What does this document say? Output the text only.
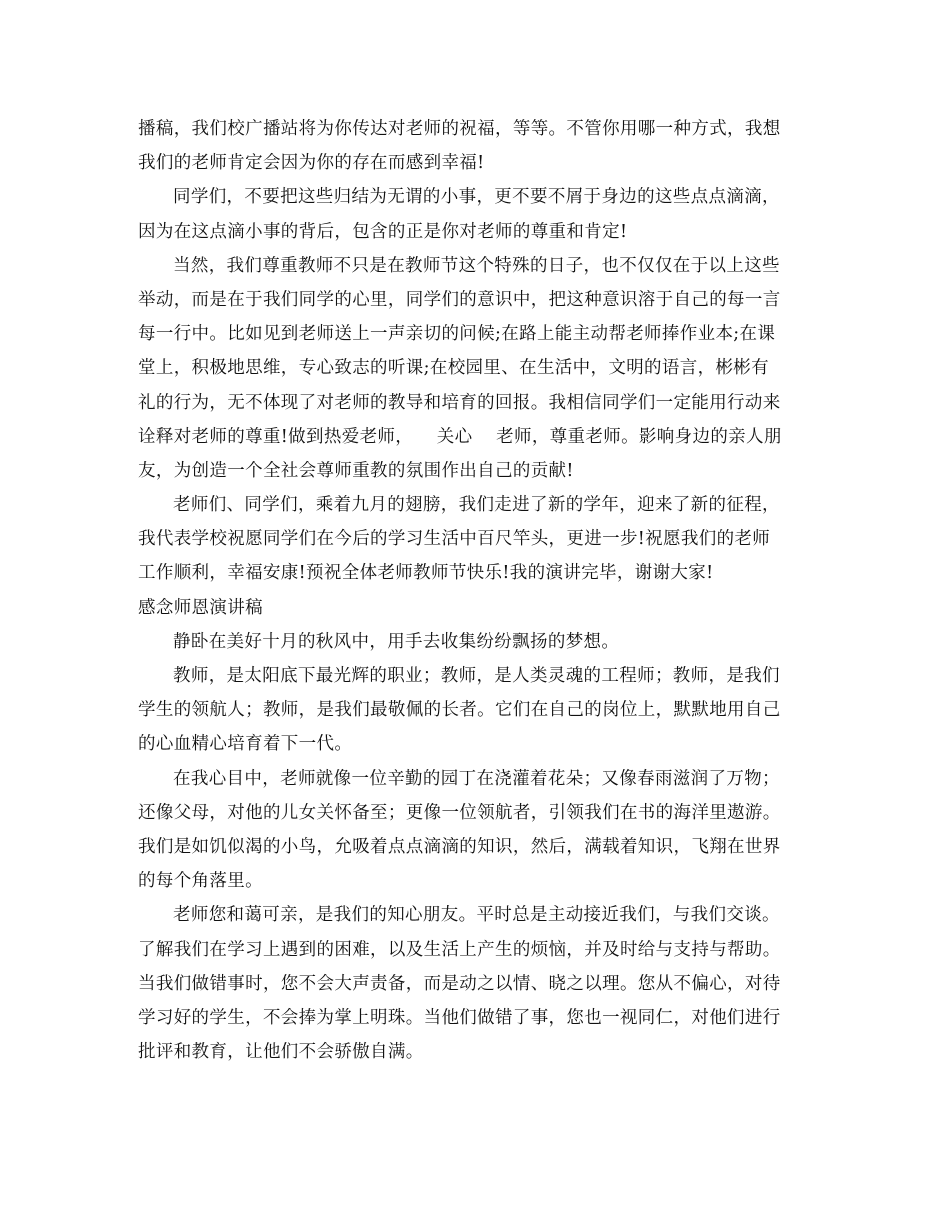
播稿，我们校广播站将为你传达对老师的祝福，等等。不管你用哪一种方式，我想
我们的老师肯定会因为你的存在而感到幸福!
同学们，不要把这些归结为无谓的小事，更不要不屑于身边的这些点点滴滴，
因为在这点滴小事的背后，包含的正是你对老师的尊重和肯定!
当然，我们尊重教师不只是在教师节这个特殊的日子，也不仅仅在于以上这些
举动，而是在于我们同学的心里，同学们的意识中，把这种意识溶于自己的每一言
每一行中。比如见到老师送上一声亲切的问候;在路上能主动帮老师捧作业本;在课
堂上，积极地思维，专心致志的听课;在校园里、在生活中，文明的语言，彬彬有
礼的行为，无不体现了对老师的教导和培育的回报。我相信同学们一定能用行动来
诠释对老师的尊重!做到热爱老师，    关心    老师，尊重老师。影响身边的亲人朋
友，为创造一个全社会尊师重教的氛围作出自己的贡献!
老师们、同学们，乘着九月的翅膀，我们走进了新的学年，迎来了新的征程，
我代表学校祝愿同学们在今后的学习生活中百尺竿头，更进一步!祝愿我们的老师
工作顺利，幸福安康!预祝全体老师教师节快乐!我的演讲完毕，谢谢大家!
感念师恩演讲稿
静卧在美好十月的秋风中，用手去收集纷纷飘扬的梦想。
教师，是太阳底下最光辉的职业；教师，是人类灵魂的工程师；教师，是我们
学生的领航人；教师，是我们最敬佩的长者。它们在自己的岗位上，默默地用自己
的心血精心培育着下一代。
在我心目中，老师就像一位辛勤的园丁在浇灌着花朵；又像春雨滋润了万物；
还像父母，对他的儿女关怀备至；更像一位领航者，引领我们在书的海洋里遨游。
我们是如饥似渴的小鸟，允吸着点点滴滴的知识，然后，满载着知识，飞翔在世界
的每个角落里。
老师您和蔼可亲，是我们的知心朋友。平时总是主动接近我们，与我们交谈。
了解我们在学习上遇到的困难，以及生活上产生的烦恼，并及时给与支持与帮助。
当我们做错事时，您不会大声责备，而是动之以情、晓之以理。您从不偏心，对待
学习好的学生，不会捧为掌上明珠。当他们做错了事，您也一视同仁，对他们进行
批评和教育，让他们不会骄傲自满。
